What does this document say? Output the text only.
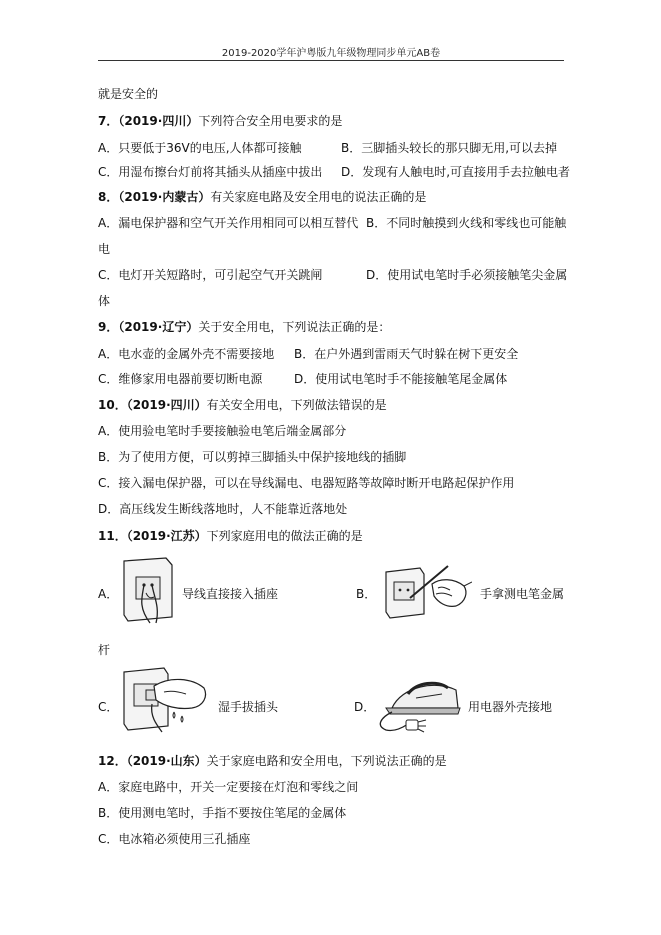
2019-2020学年沪粤版九年级物理同步单元AB卷
就是安全的
7．（2019·四川）下列符合安全用电要求的是
A．只要低于36V的电压,人体都可接触	B．三脚插头较长的那只脚无用,可以去掉
C．用湿布擦台灯前将其插头从插座中拔出 D．发现有人触电时,可直接用手去拉触电者
8．（2019·内蒙古）有关家庭电路及安全用电的说法正确的是
A．漏电保护器和空气开关作用相同可以相互替代 B．不同时触摸到火线和零线也可能触
电
C．电灯开关短路时，可引起空气开关跳闸	D．使用试电笔时手必须接触笔尖金属
体
9．（2019·辽宁）关于安全用电，下列说法正确的是：
A．电水壶的金属外壳不需要接地 B．在户外遇到雷雨天气时躲在树下更安全
C．维修家用电器前要切断电源	D．使用试电笔时手不能接触笔尾金属体
10．（2019·四川）有关安全用电，下列做法错误的是
A．使用验电笔时手要接触验电笔后端金属部分
B．为了使用方便，可以剪掉三脚插头中保护接地线的插脚
C．接入漏电保护器，可以在导线漏电、电器短路等故障时断开电路起保护作用
D．高压线发生断线落地时，人不能靠近落地处
11．（2019·江苏）下列家庭用电的做法正确的是
A．	导线直接接入插座	B．	手拿测电笔金属
杆
C．	湿手拔插头	D．	用电器外壳接地
12．（2019·山东）关于家庭电路和安全用电，下列说法正确的是
A．家庭电路中，开关一定要接在灯泡和零线之间
B．使用测电笔时，手指不要按住笔尾的金属体
C．电冰箱必须使用三孔插座
